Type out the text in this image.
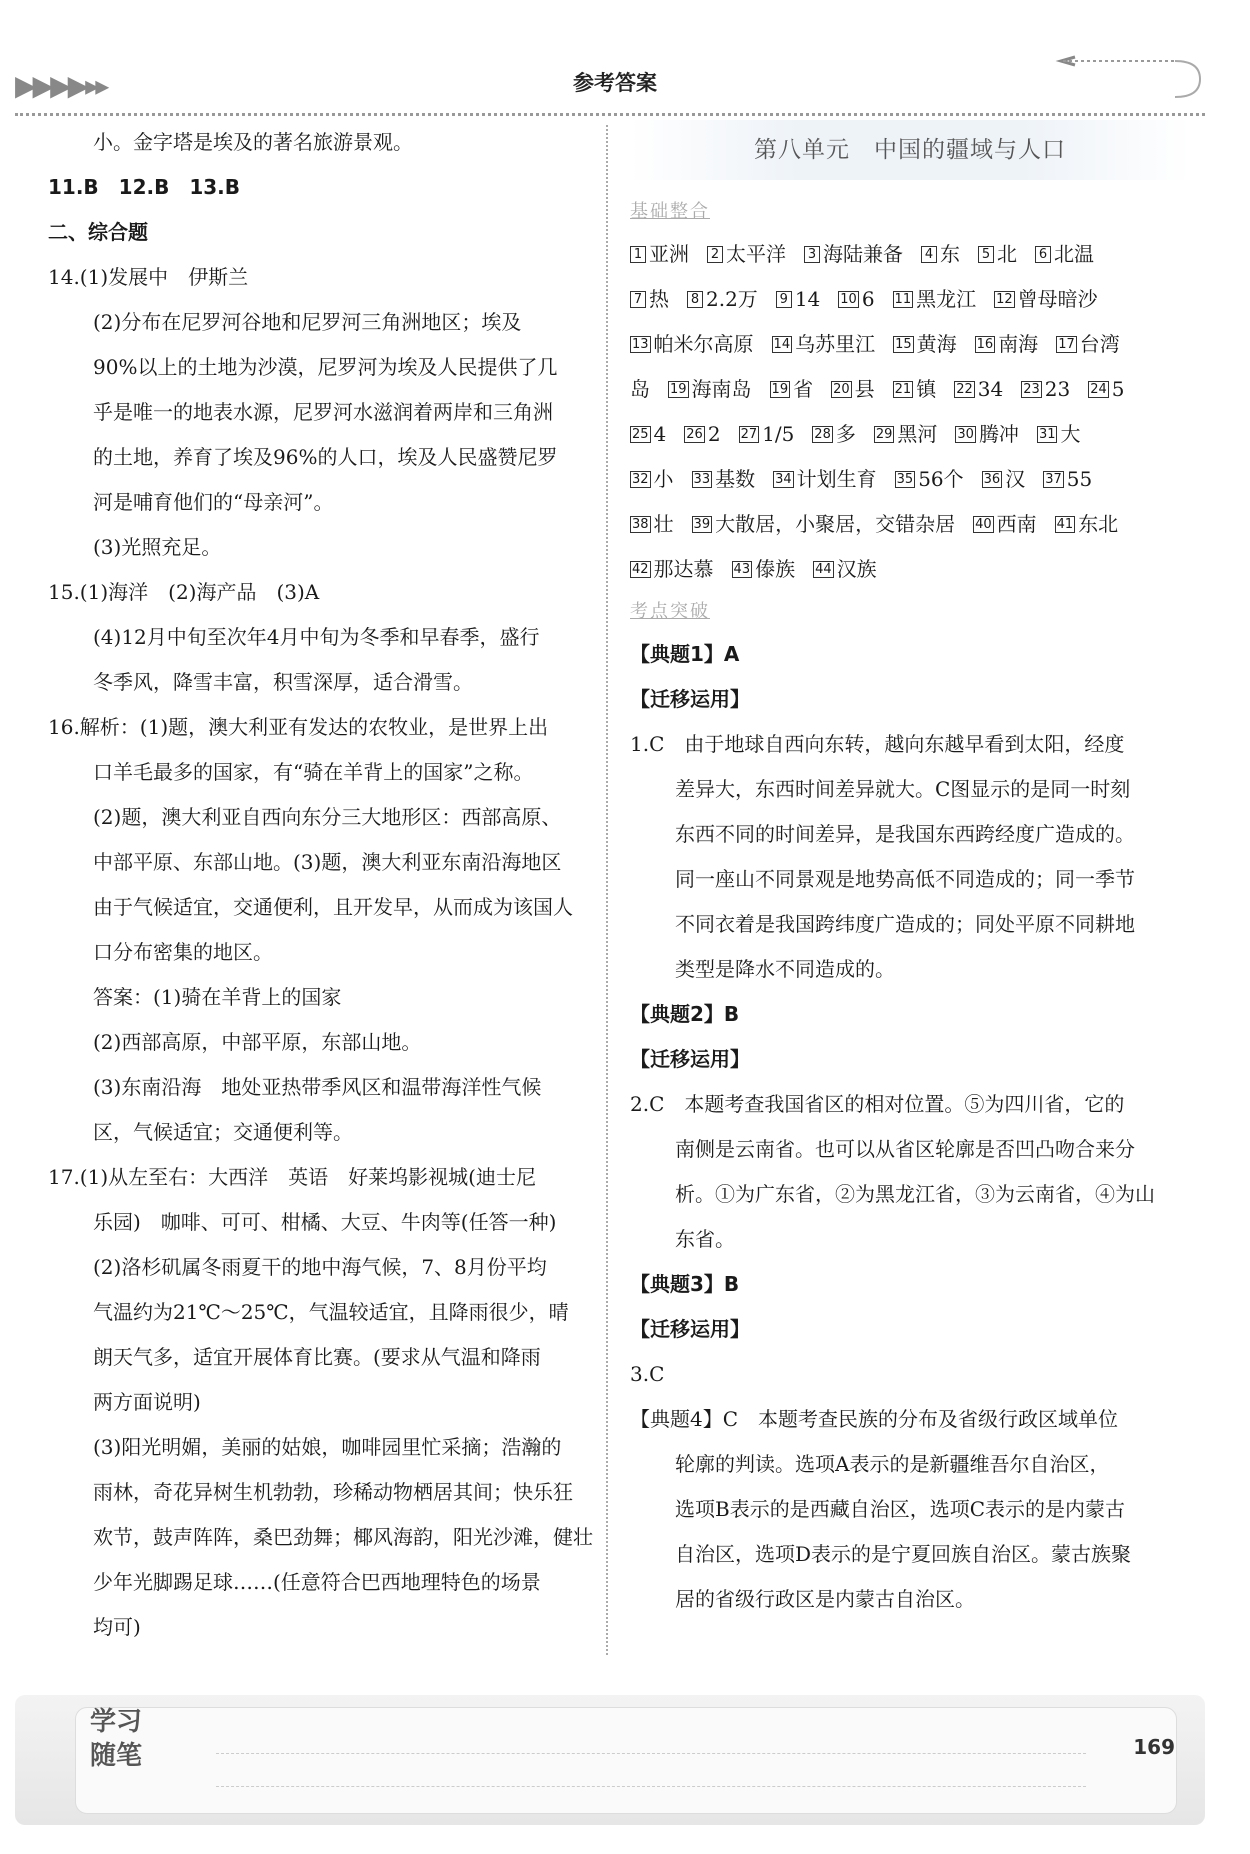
▶▶▶▶▸▸	参考答案
小。金字塔是埃及的著名旅游景观。
11.B　12.B　13.B
二、综合题
14.(1)发展中　伊斯兰
(2)分布在尼罗河谷地和尼罗河三角洲地区；埃及
90%以上的土地为沙漠，尼罗河为埃及人民提供了几
乎是唯一的地表水源，尼罗河水滋润着两岸和三角洲
的土地，养育了埃及96%的人口，埃及人民盛赞尼罗
河是哺育他们的“母亲河”。
(3)光照充足。
15.(1)海洋　(2)海产品　(3)A
(4)12月中旬至次年4月中旬为冬季和早春季，盛行
冬季风，降雪丰富，积雪深厚，适合滑雪。
16.解析：(1)题，澳大利亚有发达的农牧业，是世界上出
口羊毛最多的国家，有“骑在羊背上的国家”之称。
(2)题，澳大利亚自西向东分三大地形区：西部高原、
中部平原、东部山地。(3)题，澳大利亚东南沿海地区
由于气候适宜，交通便利，且开发早，从而成为该国人
口分布密集的地区。
答案：(1)骑在羊背上的国家
(2)西部高原，中部平原，东部山地。
(3)东南沿海　地处亚热带季风区和温带海洋性气候
区，气候适宜；交通便利等。
17.(1)从左至右：大西洋　英语　好莱坞影视城(迪士尼
乐园)　咖啡、可可、柑橘、大豆、牛肉等(任答一种)
(2)洛杉矶属冬雨夏干的地中海气候，7、8月份平均
气温约为21℃～25℃，气温较适宜，且降雨很少，晴
朗天气多，适宜开展体育比赛。(要求从气温和降雨
两方面说明)
(3)阳光明媚，美丽的姑娘，咖啡园里忙采摘；浩瀚的
雨林，奇花异树生机勃勃，珍稀动物栖居其间；快乐狂
欢节，鼓声阵阵，桑巴劲舞；椰风海韵，阳光沙滩，健壮
少年光脚踢足球……(任意符合巴西地理特色的场景
均可)
第八单元　中国的疆域与人口
基础整合
1 亚洲 2 太平洋 3 海陆兼备 4 东 5 北 6 北温
7 热 8 2.2万 9 14 10 6 11 黑龙江 12 曾母暗沙
13 帕米尔高原 14 乌苏里江 15 黄海 16 南海 17 台湾
岛 19 海南岛 19 省 20 县 21 镇 22 34 23 23 24 5
25 4 26 2 27 1/5 28 多 29 黑河 30 腾冲 31 大
32 小 33 基数 34 计划生育 35 56个 36 汉 37 55
38 壮 39 大散居，小聚居，交错杂居 40 西南 41 东北
42 那达慕 43 傣族 44 汉族
考点突破
【典题1】A
【迁移运用】
1.C　由于地球自西向东转，越向东越早看到太阳，经度
差异大，东西时间差异就大。C图显示的是同一时刻
东西不同的时间差异，是我国东西跨经度广造成的。
同一座山不同景观是地势高低不同造成的；同一季节
不同衣着是我国跨纬度广造成的；同处平原不同耕地
类型是降水不同造成的。
【典题2】B
【迁移运用】
2.C　本题考查我国省区的相对位置。⑤为四川省，它的
南侧是云南省。也可以从省区轮廓是否凹凸吻合来分
析。①为广东省，②为黑龙江省，③为云南省，④为山
东省。
【典题3】B
【迁移运用】
3.C
【典题4】C　本题考查民族的分布及省级行政区域单位
轮廓的判读。选项A表示的是新疆维吾尔自治区，
选项B表示的是西藏自治区，选项C表示的是内蒙古
自治区，选项D表示的是宁夏回族自治区。蒙古族聚
居的省级行政区是内蒙古自治区。
学习
随笔	169
